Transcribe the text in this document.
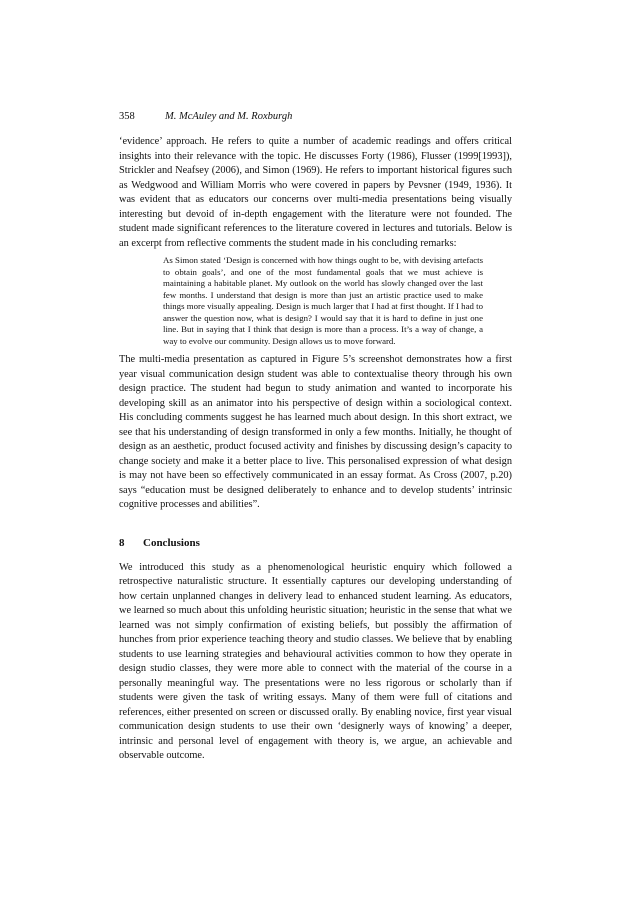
358	M. McAuley and M. Roxburgh

‘evidence’ approach. He refers to quite a number of academic readings and offers critical insights into their relevance with the topic. He discusses Forty (1986), Flusser (1999[1993]), Strickler and Neafsey (2006), and Simon (1969). He refers to important historical figures such as Wedgwood and William Morris who were covered in papers by Pevsner (1949, 1936). It was evident that as educators our concerns over multi-media presentations being visually interesting but devoid of in-depth engagement with the literature were not founded. The student made significant references to the literature covered in lectures and tutorials. Below is an excerpt from reflective comments the student made in his concluding remarks:

As Simon stated ‘Design is concerned with how things ought to be, with devising artefacts to obtain goals’, and one of the most fundamental goals that we must achieve is maintaining a habitable planet. My outlook on the world has slowly changed over the last few months. I understand that design is more than just an artistic practice used to make things more visually appealing. Design is much larger that I had at first thought. If I had to answer the question now, what is design? I would say that it is hard to define in just one line. But in saying that I think that design is more than a process. It’s a way of change, a way to evolve our community. Design allows us to move forward.

The multi-media presentation as captured in Figure 5’s screenshot demonstrates how a first year visual communication design student was able to contextualise theory through his own design practice. The student had begun to study animation and wanted to incorporate his developing skill as an animator into his perspective of design within a sociological context. His concluding comments suggest he has learned much about design. In this short extract, we see that his understanding of design transformed in only a few months. Initially, he thought of design as an aesthetic, product focused activity and finishes by discussing design’s capacity to change society and make it a better place to live. This personalised expression of what design is may not have been so effectively communicated in an essay format. As Cross (2007, p.20) says “education must be designed deliberately to enhance and to develop students’ intrinsic cognitive processes and abilities”.

8 Conclusions

We introduced this study as a phenomenological heuristic enquiry which followed a retrospective naturalistic structure. It essentially captures our developing understanding of how certain unplanned changes in delivery lead to enhanced student learning. As educators, we learned so much about this unfolding heuristic situation; heuristic in the sense that what we learned was not simply confirmation of existing beliefs, but possibly the affirmation of hunches from prior experience teaching theory and studio classes. We believe that by enabling students to use learning strategies and behavioural activities common to how they operate in design studio classes, they were more able to connect with the material of the course in a personally meaningful way. The presentations were no less rigorous or scholarly than if students were given the task of writing essays. Many of them were full of citations and references, either presented on screen or discussed orally. By enabling novice, first year visual communication design students to use their own ‘designerly ways of knowing’ a deeper, intrinsic and personal level of engagement with theory is, we argue, an achievable and observable outcome.
